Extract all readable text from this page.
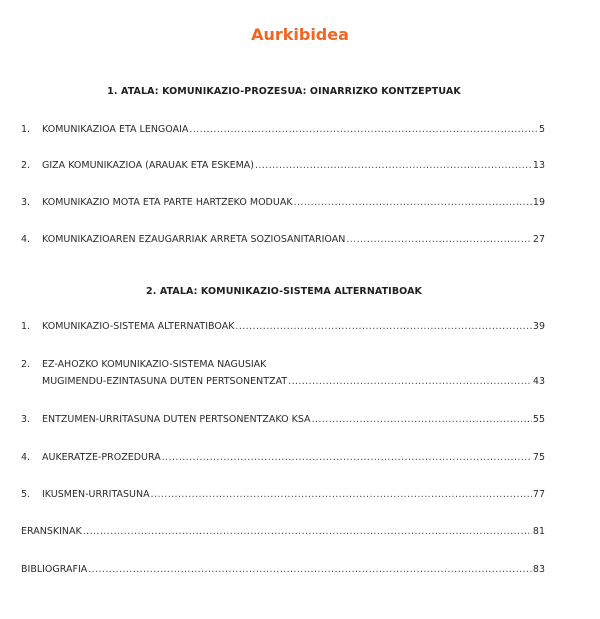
Aurkibidea
1. ATALA: KOMUNIKAZIO-PROZESUA: OINARRIZKO KONTZEPTUAK
1.	KOMUNIKAZIOA ETA LENGOAIA .....	5
2.	GIZA KOMUNIKAZIOA (ARAUAK ETA ESKEMA) .....	13
3.	KOMUNIKAZIO MOTA ETA PARTE HARTZEKO MODUAK .....	19
4.	KOMUNIKAZIOAREN EZAUGARRIAK ARRETA SOZIOSANITARIOAN .....	27
2. ATALA: KOMUNIKAZIO-SISTEMA ALTERNATIBOAK
1.	KOMUNIKAZIO-SISTEMA ALTERNATIBOAK .....	39
2.	EZ-AHOZKO KOMUNIKAZIO-SISTEMA NAGUSIAK
MUGIMENDU-EZINTASUNA DUTEN PERTSONENTZAT .....	43
3.	ENTZUMEN-URRITASUNA DUTEN PERTSONENTZAKO KSA .....	55
4.	AUKERATZE-PROZEDURA .....	75
5.	IKUSMEN-URRITASUNA .....	77
ERANSKINAK .....	81
BIBLIOGRAFIA .....	83
